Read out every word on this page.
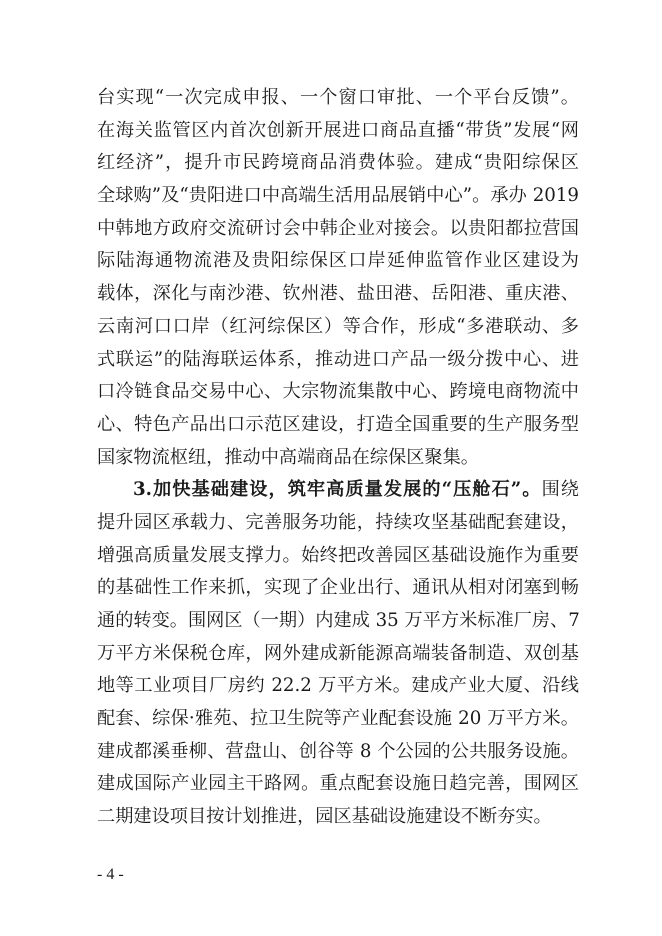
台实现“一次完成申报、一个窗口审批、一个平台反馈”。
在海关监管区内首次创新开展进口商品直播“带货”发展“网
红经济”，提升市民跨境商品消费体验。建成“贵阳综保区
全球购”及“贵阳进口中高端生活用品展销中心”。承办 2019
中韩地方政府交流研讨会中韩企业对接会。以贵阳都拉营国
际陆海通物流港及贵阳综保区口岸延伸监管作业区建设为
载体，深化与南沙港、钦州港、盐田港、岳阳港、重庆港、
云南河口口岸（红河综保区）等合作，形成“多港联动、多
式联运”的陆海联运体系，推动进口产品一级分拨中心、进
口冷链食品交易中心、大宗物流集散中心、跨境电商物流中
心、特色产品出口示范区建设，打造全国重要的生产服务型
国家物流枢纽，推动中高端商品在综保区聚集。
3.加快基础建设，筑牢高质量发展的“压舱石”。围绕
提升园区承载力、完善服务功能，持续攻坚基础配套建设，
增强高质量发展支撑力。始终把改善园区基础设施作为重要
的基础性工作来抓，实现了企业出行、通讯从相对闭塞到畅
通的转变。围网区（一期）内建成 35 万平方米标准厂房、7
万平方米保税仓库，网外建成新能源高端装备制造、双创基
地等工业项目厂房约 22.2 万平方米。建成产业大厦、沿线
配套、综保·雅苑、拉卫生院等产业配套设施 20 万平方米。
建成都溪垂柳、营盘山、创谷等 8 个公园的公共服务设施。
建成国际产业园主干路网。重点配套设施日趋完善，围网区
二期建设项目按计划推进，园区基础设施建设不断夯实。
- 4 -
